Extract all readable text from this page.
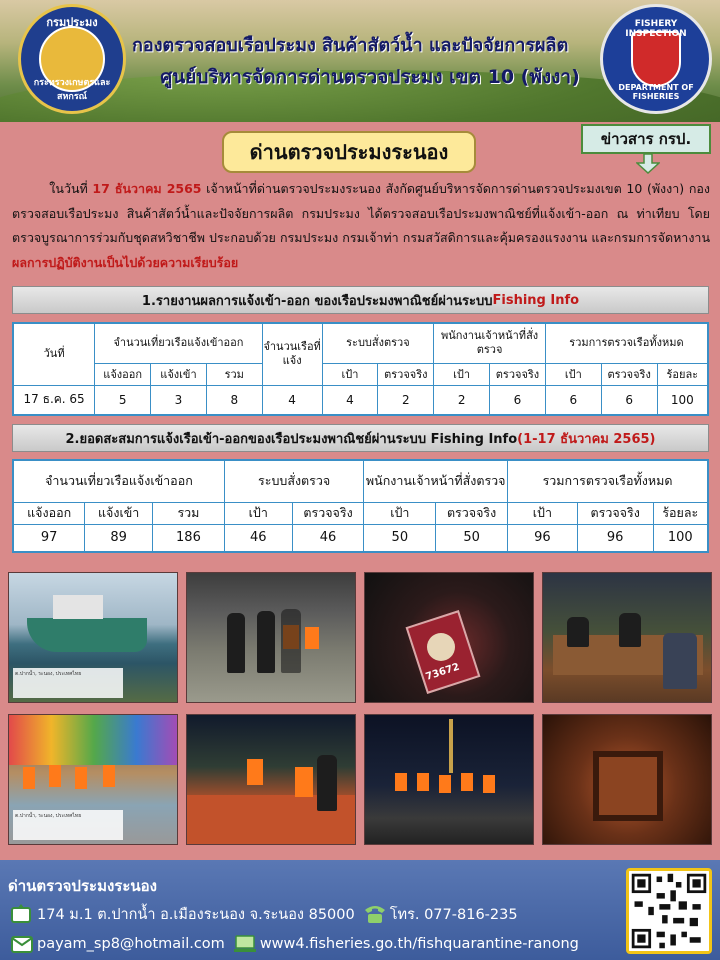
กรมประมง
กระทรวงเกษตรและสหกรณ์
กองตรวจสอบเรือประมง สินค้าสัตว์น้ำ และปัจจัยการผลิต
ศูนย์บริหารจัดการด่านตรวจประมง เขต 10 (พังงา)
FISHERY INSPECTION
DEPARTMENT OF FISHERIES
ด่านตรวจประมงระนอง
ข่าวสาร กรป.
ในวันที่ 17 ธันวาคม 2565 เจ้าหน้าที่ด่านตรวจประมงระนอง สังกัดศูนย์บริหารจัดการด่านตรวจประมงเขต 10 (พังงา) กองตรวจสอบเรือประมง สินค้าสัตว์น้ำและปัจจัยการผลิต กรมประมง ได้ตรวจสอบเรือประมงพาณิชย์ที่แจ้งเข้า-ออก ณ ท่าเทียบ โดยตรวจบูรณาการร่วมกับชุดสหวิชาชีพ ประกอบด้วย กรมประมง กรมเจ้าท่า กรมสวัสดิการและคุ้มครองแรงงาน และกรมการจัดหางาน ผลการปฏิบัติงานเป็นไปด้วยความเรียบร้อย
1.รายงานผลการแจ้งเข้า-ออก ของเรือประมงพาณิชย์ผ่านระบบ Fishing Info
วันที่	จำนวนเที่ยวเรือแจ้งเข้าออก			จำนวนเรือที่แจ้ง	ระบบสั่งตรวจ		พนักงานเจ้าหน้าที่สั่งตรวจ		รวมการตรวจเรือทั้งหมด		
	แจ้งออก	แจ้งเข้า	รวม		เป้า	ตรวจจริง	เป้า	ตรวจจริง	เป้า	ตรวจจริง	ร้อยละ
17 ธ.ค. 65	5	3	8	4	4	2	2	6	6	6	100
2.ยอดสะสมการแจ้งเรือเข้า-ออกของเรือประมงพาณิชย์ผ่านระบบ Fishing Info (1-17 ธันวาคม 2565)
จำนวนเที่ยวเรือแจ้งเข้าออก			ระบบสั่งตรวจ		พนักงานเจ้าหน้าที่สั่งตรวจ		รวมการตรวจเรือทั้งหมด		
แจ้งออก	แจ้งเข้า	รวม	เป้า	ตรวจจริง	เป้า	ตรวจจริง	เป้า	ตรวจจริง	ร้อยละ
97	89	186	46	46	50	50	96	96	100
ต.ปากน้ำ, ระนอง, ประเทศไทย	73672
ต.ปากน้ำ, ระนอง, ประเทศไทย
ด่านตรวจประมงระนอง
174 ม.1 ต.ปากน้ำ อ.เมืองระนอง จ.ระนอง 85000 โทร. 077-816-235
payam_sp8@hotmail.com www4.fisheries.go.th/fishquarantine-ranong
